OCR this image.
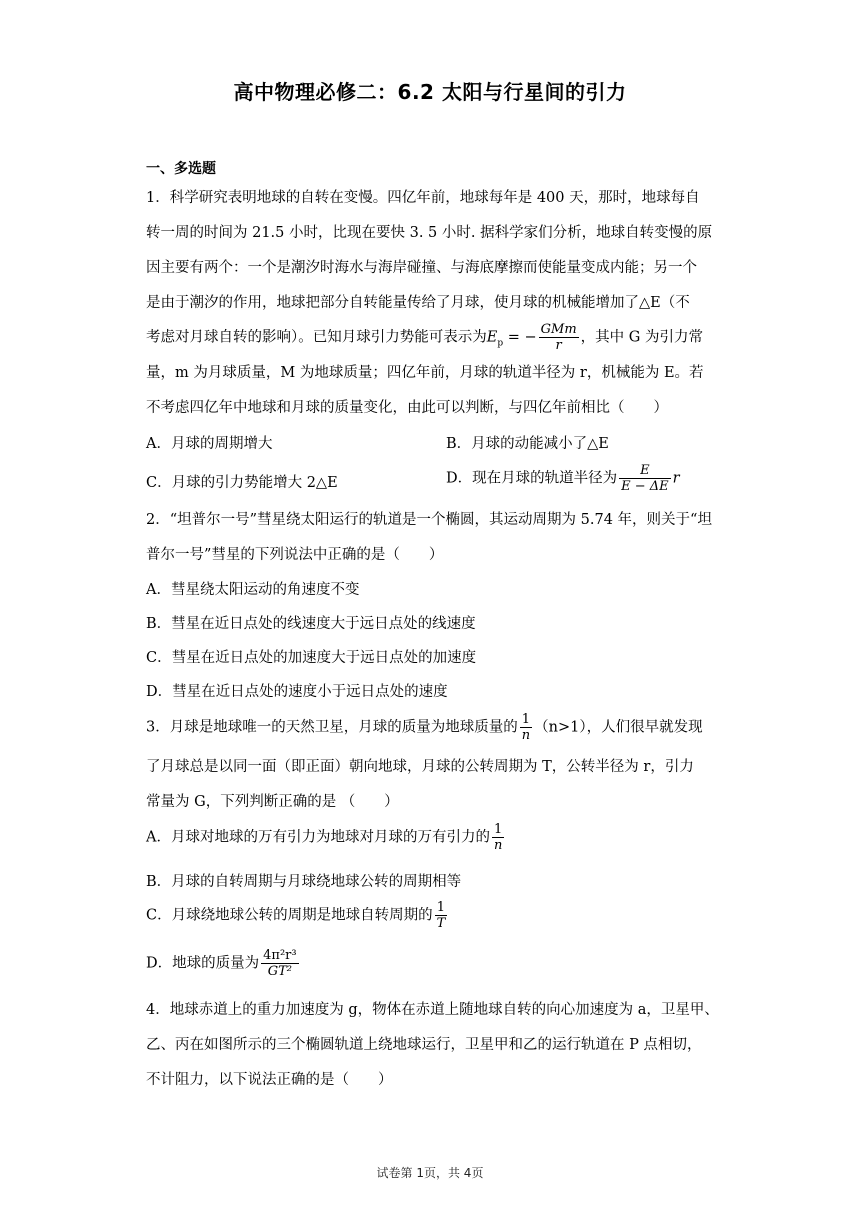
高中物理必修二：6.2 太阳与行星间的引力
一、多选题
1．科学研究表明地球的自转在变慢。四亿年前，地球每年是 400 天，那时，地球每自
转一周的时间为 21.5 小时，比现在要快 3. 5 小时. 据科学家们分析，地球自转变慢的原
因主要有两个：一个是潮汐时海水与海岸碰撞、与海底摩擦而使能量变成内能；另一个
是由于潮汐的作用，地球把部分自转能量传给了月球，使月球的机械能增加了△E（不
考虑对月球自转的影响）。已知月球引力势能可表示为$E_p$ = − $\frac{\text{GMm}}{r}$ ，其中 G 为引力常
量，m 为月球质量，M 为地球质量；四亿年前，月球的轨道半径为 r，机械能为 E。若
不考虑四亿年中地球和月球的质量变化，由此可以判断，与四亿年前相比（　　）
A．月球的周期增大	B．月球的动能减小了△E
C．月球的引力势能增大 2△E	D．现在月球的轨道半径为 $\frac{E}{E - \Delta E}$ r
2．“坦普尔一号”彗星绕太阳运行的轨道是一个椭圆，其运动周期为 5.74 年，则关于“坦
普尔一号”彗星的下列说法中正确的是（　　）
A．彗星绕太阳运动的角速度不变
B．彗星在近日点处的线速度大于远日点处的线速度
C．彗星在近日点处的加速度大于远日点处的加速度
D．彗星在近日点处的速度小于远日点处的速度
3．月球是地球唯一的天然卫星，月球的质量为地球质量的 $\frac{1}{n} (n>1)$，人们很早就发现
了月球总是以同一面（即正面）朝向地球，月球的公转周期为 T，公转半径为 r，引力
常量为 G，下列判断正确的是 （　　）
A．月球对地球的万有引力为地球对月球的万有引力的 $\frac{1}{n}$
B．月球的自转周期与月球绕地球公转的周期相等
C．月球绕地球公转的周期是地球自转周期的 $\frac{1}{T}$
D．地球的质量为 $\frac{\text{4π²r³}}{\text{GT²}}$
4．地球赤道上的重力加速度为 g，物体在赤道上随地球自转的向心加速度为 a，卫星甲、
乙、丙在如图所示的三个椭圆轨道上绕地球运行，卫星甲和乙的运行轨道在 P 点相切，
不计阻力，以下说法正确的是（　　）
试卷第 1页，共 4页
